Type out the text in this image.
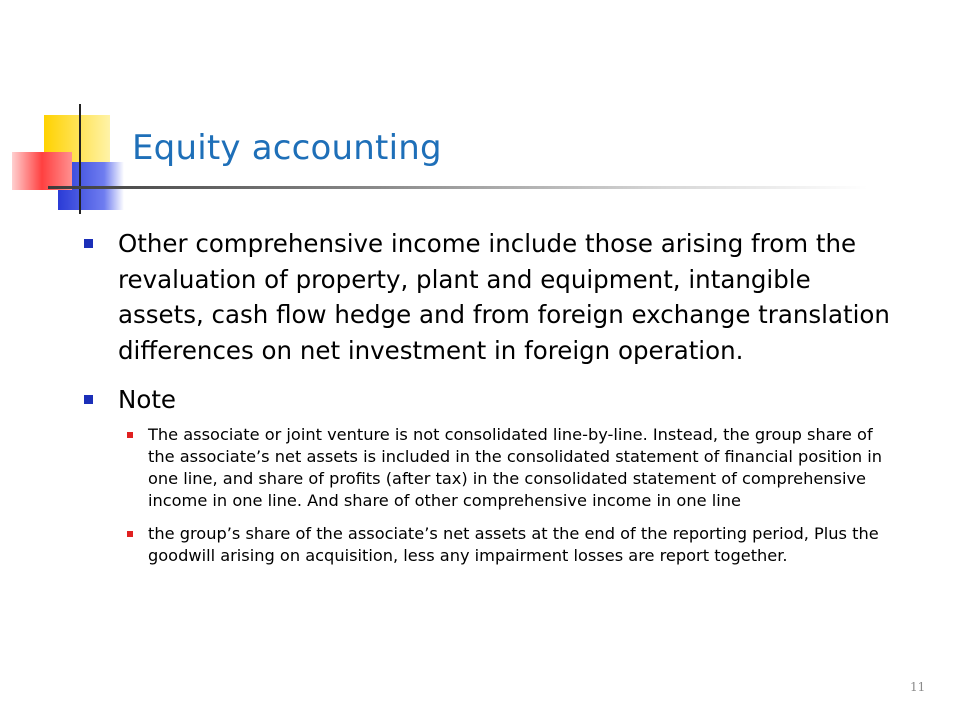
Equity accounting
Other comprehensive income include those arising from the revaluation of property, plant and equipment, intangible assets, cash flow hedge and from foreign exchange translation differences on net investment in foreign operation.
Note
The associate or joint venture is not consolidated line-by-line. Instead, the group share of the associate’s net assets is included in the consolidated statement of financial position in one line, and share of profits (after tax) in the consolidated statement of comprehensive income in one line. And share of other comprehensive income in one line
the group’s share of the associate’s net assets at the end of the reporting period, Plus the goodwill arising on acquisition, less any impairment losses are report together.
11
